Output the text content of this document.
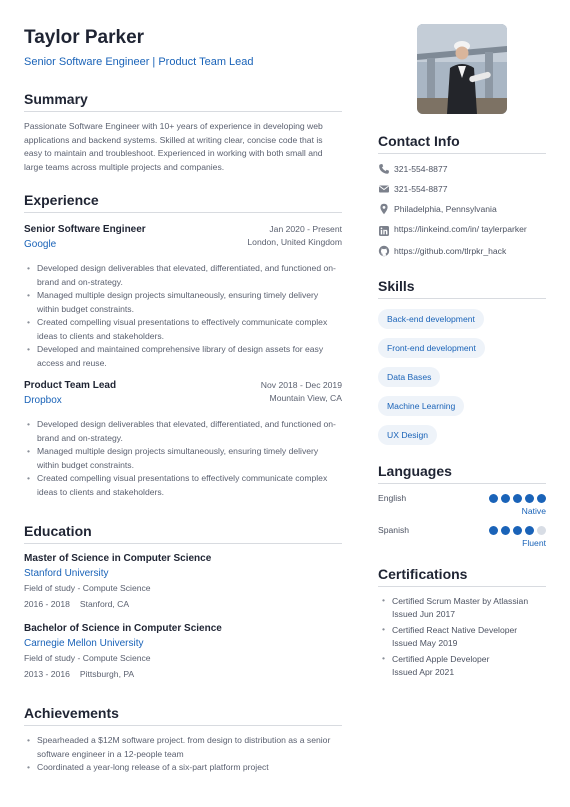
Taylor Parker
Senior Software Engineer | Product Team Lead
Summary
Passionate Software Engineer with 10+ years of experience in developing web applications and backend systems. Skilled at writing clear, concise code that is easy to maintain and troubleshoot. Experienced in working with both small and large teams across multiple projects and companies.
Experience
Senior Software Engineer
Google
Jan 2020 - Present
London, United Kingdom
• Developed design deliverables that elevated, differentiated, and functioned on-brand and on-strategy.
• Managed multiple design projects simultaneously, ensuring timely delivery within budget constraints.
• Created compelling visual presentations to effectively communicate complex ideas to clients and stakeholders.
• Developed and maintained comprehensive library of design assets for easy access and reuse.
Product Team Lead
Dropbox
Nov 2018 - Dec 2019
Mountain View, CA
• Developed design deliverables that elevated, differentiated, and functioned on-brand and on-strategy.
• Managed multiple design projects simultaneously, ensuring timely delivery within budget constraints.
• Created compelling visual presentations to effectively communicate complex ideas to clients and stakeholders.
Education
Master of Science in Computer Science
Stanford University
Field of study - Compute Science
2016 - 2018 Stanford, CA
Bachelor of Science in Computer Science
Carnegie Mellon University
Field of study - Compute Science
2013 - 2016 Pittsburgh, PA
Achievements
• Spearheaded a $12M software project. from design to distribution as a senior software engineer in a 12-people team
• Coordinated a year-long release of a six-part platform project
Contact Info
321-554-8877
321-554-8877
Philadelphia, Pennsylvania
https://linkeind.com/in/ taylerparker
https://github.com/tlrpkr_hack
Skills
Back-end development
Front-end development
Data Bases
Machine Learning
UX Design
Languages
English
Native
Spanish
Fluent
Certifications
• Certified Scrum Master by Atlassian
Issued Jun 2017
• Certified React Native Developer
Issued May 2019
• Certified Apple Developer
Issued Apr 2021
